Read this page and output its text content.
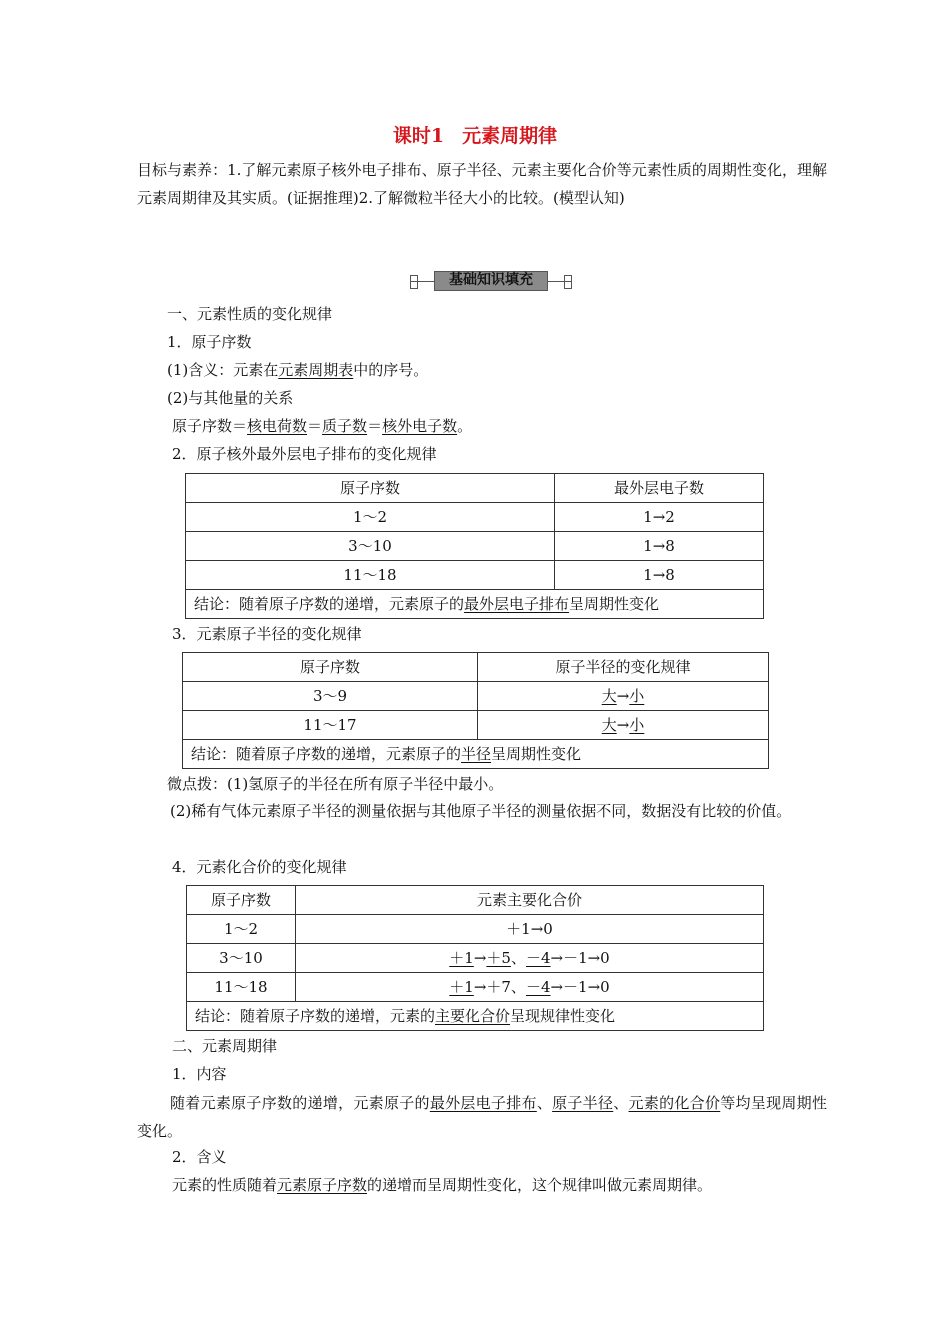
课时1 元素周期律
目标与素养：1.了解元素原子核外电子排布、原子半径、元素主要化合价等元素性质的周期性变化，理解元素周期律及其实质。(证据推理)2.了解微粒半径大小的比较。(模型认知)
基础知识填充
一、元素性质的变化规律
1．原子序数
(1)含义：元素在元素周期表中的序号。
(2)与其他量的关系
原子序数＝核电荷数＝质子数＝核外电子数。
2．原子核外最外层电子排布的变化规律
原子序数	最外层电子数
1～2	1→2
3～10	1→8
11～18	1→8
结论：随着原子序数的递增，元素原子的最外层电子排布呈周期性变化	
3．元素原子半径的变化规律
原子序数	原子半径的变化规律
3～9	大→小
11～17	大→小
结论：随着原子序数的递增，元素原子的半径呈周期性变化	
微点拨：(1)氢原子的半径在所有原子半径中最小。
(2)稀有气体元素原子半径的测量依据与其他原子半径的测量依据不同，数据没有比较的价值。
4．元素化合价的变化规律
原子序数	元素主要化合价
1～2	＋1→0
3～10	＋1→＋5、－4→－1→0
11～18	＋1→＋7、－4→－1→0
结论：随着原子序数的递增，元素的主要化合价呈现规律性变化	
二、元素周期律
1．内容
随着元素原子序数的递增，元素原子的最外层电子排布、原子半径、元素的化合价等均呈现周期性变化。
2．含义
元素的性质随着元素原子序数的递增而呈周期性变化，这个规律叫做元素周期律。
